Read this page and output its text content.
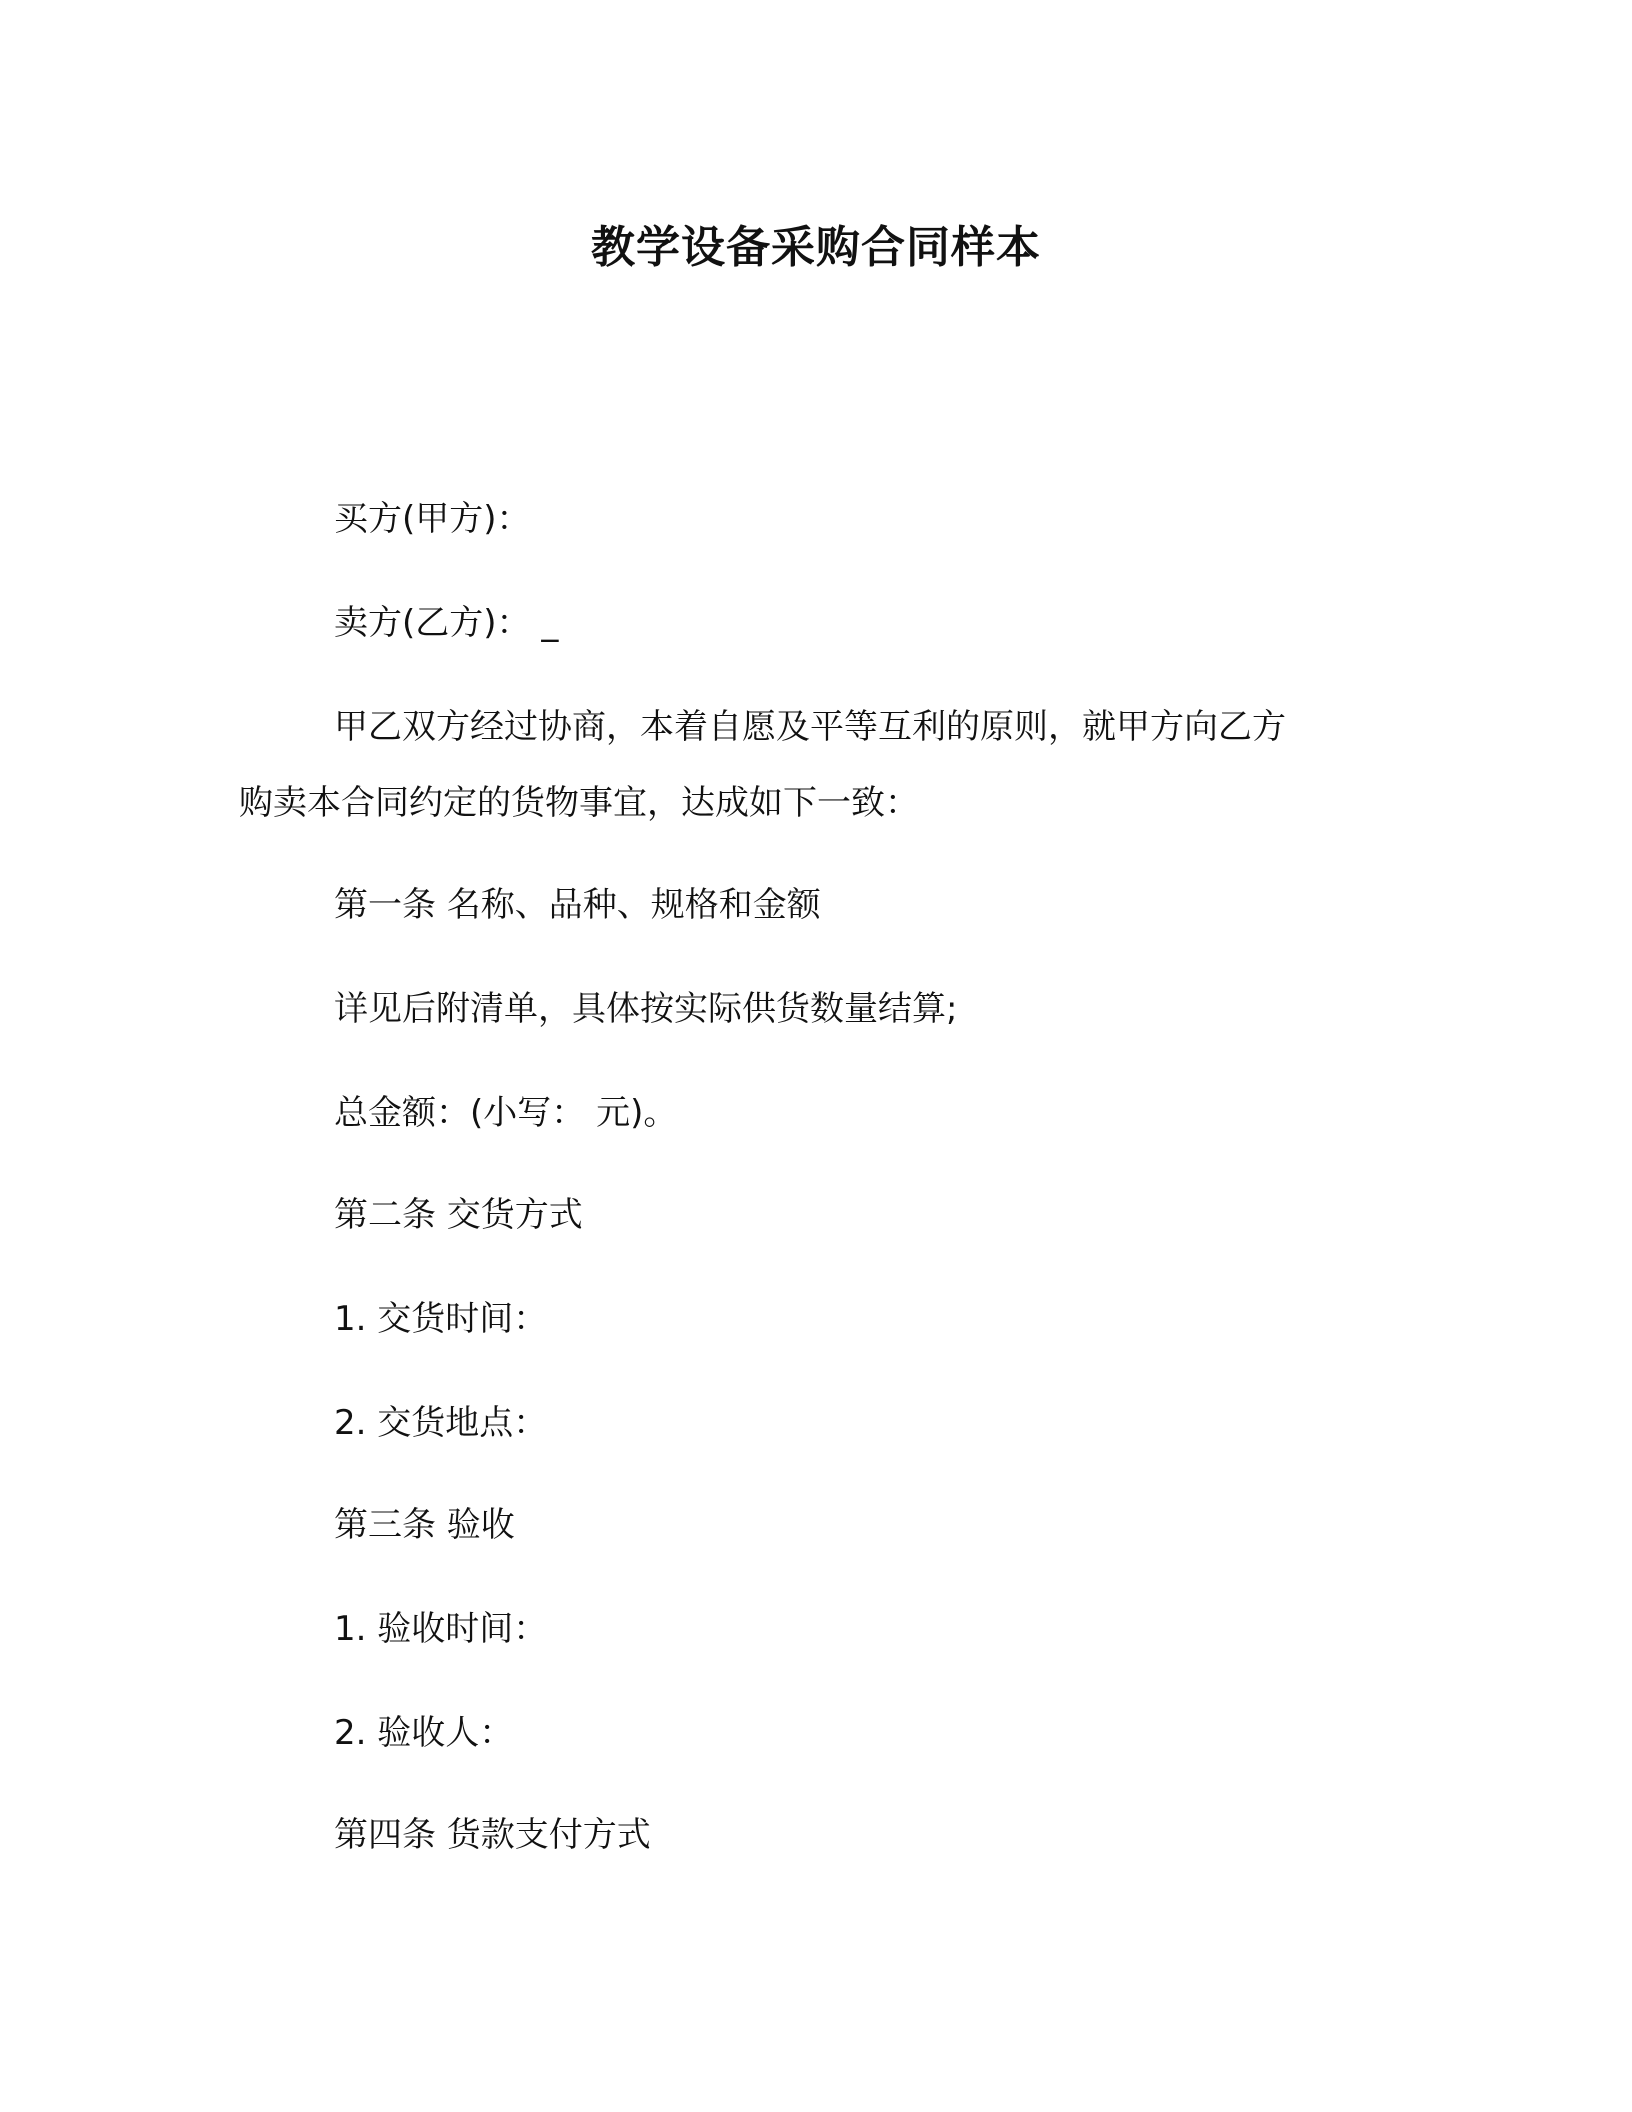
教学设备采购合同样本
买方(甲方)：
卖方(乙方)： _
甲乙双方经过协商，本着自愿及平等互利的原则，就甲方向乙方
购卖本合同约定的货物事宜，达成如下一致：
第一条 名称、品种、规格和金额
详见后附清单，具体按实际供货数量结算;
总金额：(小写： 元)。
第二条 交货方式
1. 交货时间：
2. 交货地点：
第三条 验收
1. 验收时间：
2. 验收人：
第四条 货款支付方式
